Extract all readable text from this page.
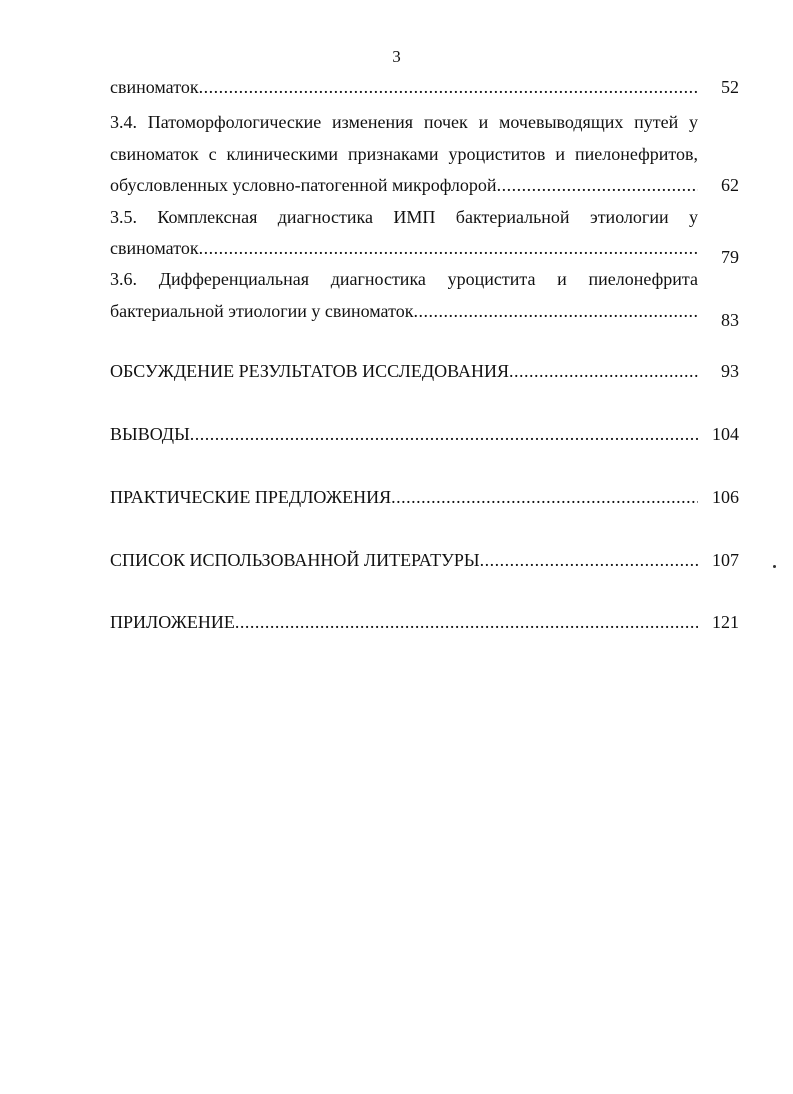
3
свиноматок .....	52
3.4. Патоморфологические изменения почек и мочевыводящих путей у
свиноматок с клиническими признаками уроциститов и пиелонефритов,
обусловленных условно-патогенной микрофлорой .....	62
3.5. Комплексная диагностика ИМП бактериальной этиологии у
свиноматок .....	79
3.6. Дифференциальная диагностика уроцистита и пиелонефрита
бактериальной этиологии у свиноматок .....	83
ОБСУЖДЕНИЕ РЕЗУЛЬТАТОВ ИССЛЕДОВАНИЯ .....	93
ВЫВОДЫ .....	104
ПРАКТИЧЕСКИЕ ПРЕДЛОЖЕНИЯ .....	106
СПИСОК ИСПОЛЬЗОВАННОЙ ЛИТЕРАТУРЫ .....	107
ПРИЛОЖЕНИЕ .....	121
